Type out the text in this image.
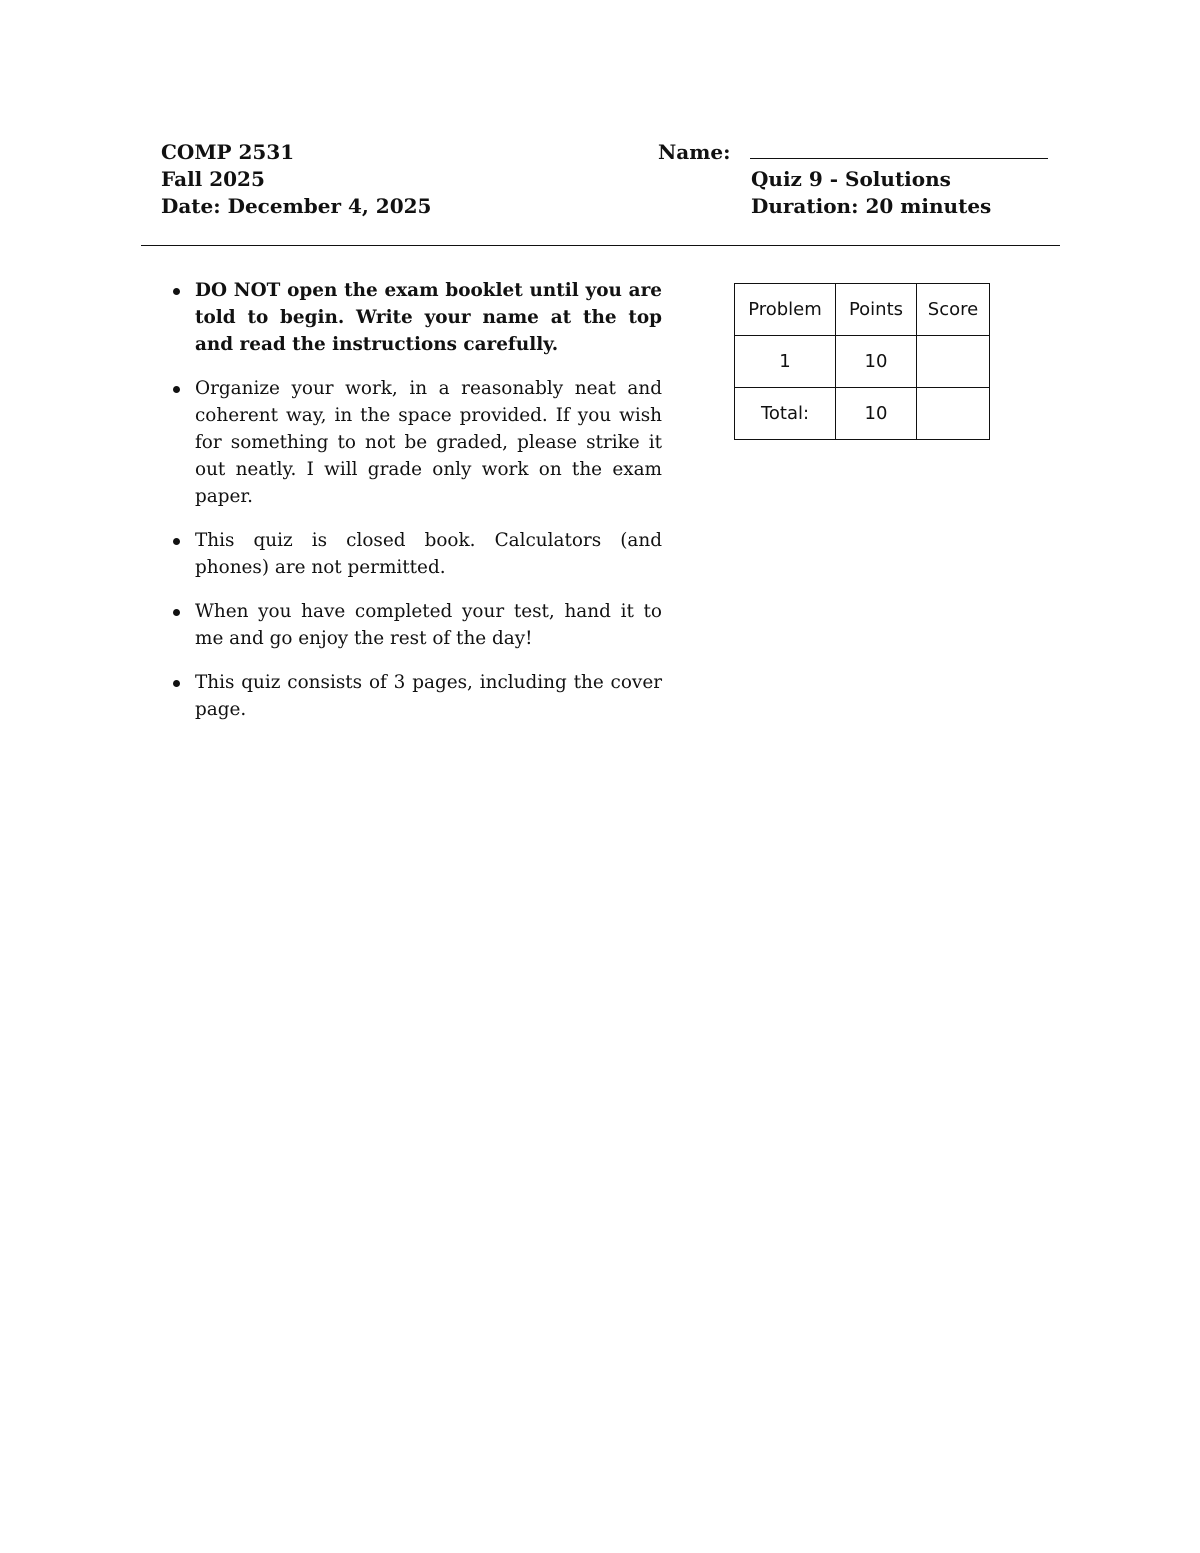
COMP 2531
Fall 2025
Date: December 4, 2025
Name:
Quiz 9 - Solutions
Duration: 20 minutes
DO NOT open the exam booklet until you are told to begin. Write your name at the top and read the instructions carefully.
Organize your work, in a reasonably neat and coherent way, in the space provided. If you wish for something to not be graded, please strike it out neatly. I will grade only work on the exam paper.
This quiz is closed book. Calculators (and phones) are not permitted.
When you have completed your test, hand it to me and go enjoy the rest of the day!
This quiz consists of 3 pages, including the cover page.
Problem	Points	Score
1	10	
Total:	10	
